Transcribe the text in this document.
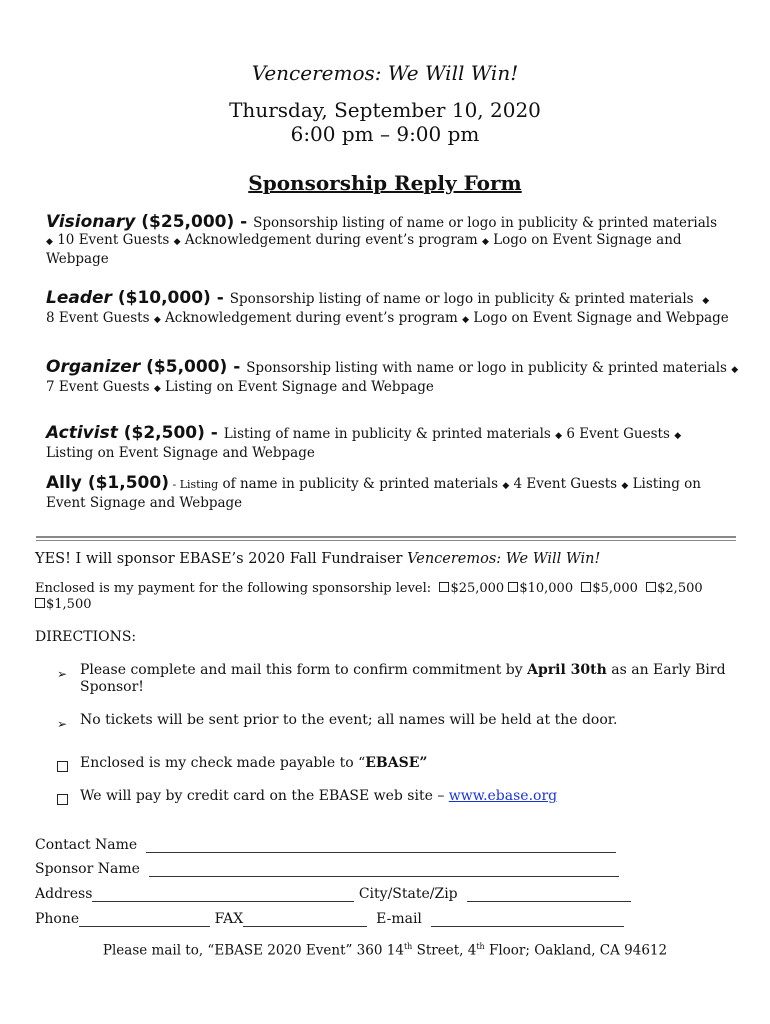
Venceremos: We Will Win!
Thursday, September 10, 2020
6:00 pm – 9:00 pm
Sponsorship Reply Form
Visionary ($25,000) - Sponsorship listing of name or logo in publicity & printed materials
◆ 10 Event Guests ◆ Acknowledgement during event’s program ◆ Logo on Event Signage and Webpage
Leader ($10,000) - Sponsorship listing of name or logo in publicity & printed materials ◆
8 Event Guests ◆ Acknowledgement during event’s program ◆ Logo on Event Signage and Webpage
Organizer ($5,000) - Sponsorship listing with name or logo in publicity & printed materials ◆
7 Event Guests ◆ Listing on Event Signage and Webpage
Activist ($2,500) - Listing of name in publicity & printed materials ◆ 6 Event Guests ◆
Listing on Event Signage and Webpage
Ally ($1,500) - Listing of name in publicity & printed materials ◆ 4 Event Guests ◆ Listing on Event Signage and Webpage
YES! I will sponsor EBASE’s 2020 Fall Fundraiser Venceremos: We Will Win!
Enclosed is my payment for the following sponsorship level: $25,000 $10,000 $5,000 $2,500
$1,500
DIRECTIONS:
➢ Please complete and mail this form to confirm commitment by April 30th as an Early Bird Sponsor!
➢ No tickets will be sent prior to the event; all names will be held at the door.
Enclosed is my check made payable to “EBASE”
We will pay by credit card on the EBASE web site – www.ebase.org
Contact Name
Sponsor Name
Address	City/State/Zip
Phone	FAX	E-mail
Please mail to, “EBASE 2020 Event” 360 14th Street, 4th Floor; Oakland, CA 94612
